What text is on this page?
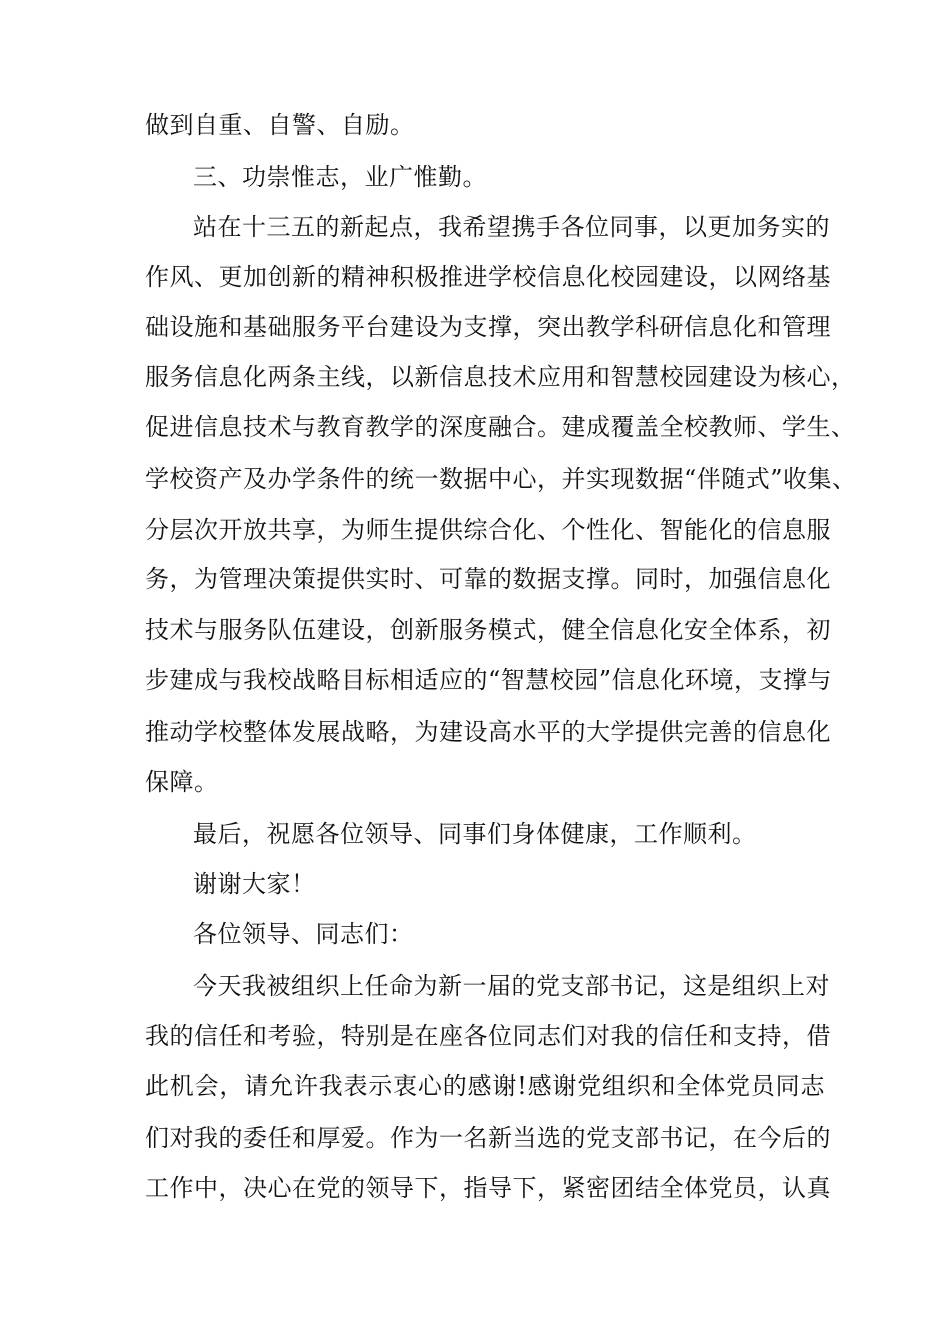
做到自重、自警、自励。
三、功崇惟志，业广惟勤。
站在十三五的新起点，我希望携手各位同事，以更加务实的
作风、更加创新的精神积极推进学校信息化校园建设，以网络基
础设施和基础服务平台建设为支撑，突出教学科研信息化和管理
服务信息化两条主线，以新信息技术应用和智慧校园建设为核心，
促进信息技术与教育教学的深度融合。建成覆盖全校教师、学生、
学校资产及办学条件的统一数据中心，并实现数据“伴随式”收集、
分层次开放共享，为师生提供综合化、个性化、智能化的信息服
务，为管理决策提供实时、可靠的数据支撑。同时，加强信息化
技术与服务队伍建设，创新服务模式，健全信息化安全体系，初
步建成与我校战略目标相适应的“智慧校园”信息化环境，支撑与
推动学校整体发展战略，为建设高水平的大学提供完善的信息化
保障。
最后，祝愿各位领导、同事们身体健康，工作顺利。
谢谢大家！
各位领导、同志们：
今天我被组织上任命为新一届的党支部书记，这是组织上对
我的信任和考验，特别是在座各位同志们对我的信任和支持，借
此机会，请允许我表示衷心的感谢!感谢党组织和全体党员同志
们对我的委任和厚爱。作为一名新当选的党支部书记，在今后的
工作中，决心在党的领导下，指导下，紧密团结全体党员，认真
